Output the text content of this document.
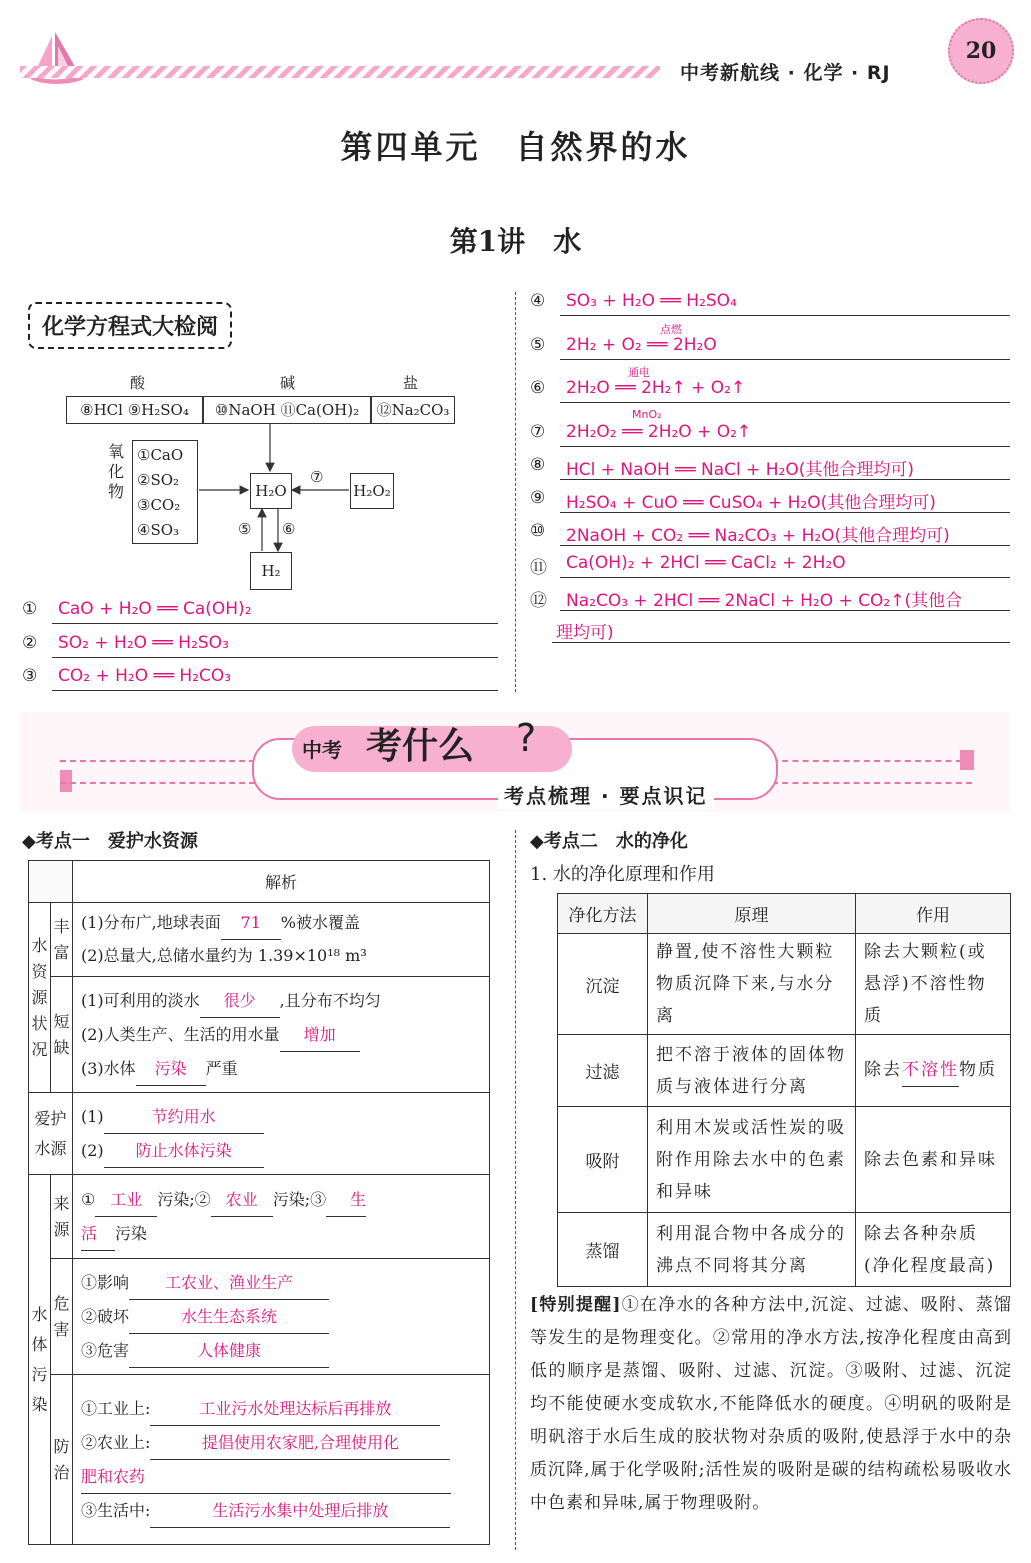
中考新航线 · 化学 · RJ
20
第四单元　自然界的水
第1讲　水
化学方程式大检阅
酸	碱	盐
⑧HCl ⑨H₂SO₄	⑩NaOH ⑪Ca(OH)₂	⑫Na₂CO₃
氧化物
①CaO
②SO₂
③CO₂
④SO₃
H₂O	H₂O₂
H₂
⑦
⑤ ⑥
① CaO + H₂O ══ Ca(OH)₂
② SO₂ + H₂O ══ H₂SO₃
③ CO₂ + H₂O ══ H₂CO₃
④ SO₃ + H₂O ══ H₂SO₄
⑤ 2H₂ + O₂ ══ 2H₂O
点燃
⑥ 2H₂O ══ 2H₂↑ + O₂↑
通电
⑦ 2H₂O₂ ══ 2H₂O + O₂↑
MnO₂
⑧ HCl + NaOH ══ NaCl + H₂O(其他合理均可)
⑨ H₂SO₄ + CuO ══ CuSO₄ + H₂O(其他合理均可)
⑩ 2NaOH + CO₂ ══ Na₂CO₃ + H₂O(其他合理均可)
⑪ Ca(OH)₂ + 2HCl ══ CaCl₂ + 2H₂O
⑫ Na₂CO₃ + 2HCl ══ 2NaCl + H₂O + CO₂↑(其他合
理均可)
中考 考什么 ?
考点梳理 · 要点识记
◆考点一　爱护水资源
		解析
水资源状况	丰富	(1)分布广,地球表面 71 %被水覆盖
(2)总量大,总储水量约为 1.39×10¹⁸ m³

	短缺	(1)可利用的淡水 很少 ,且分布不均匀
(2)人类生产、生活的用水量 增加
(3)水体 污染 严重

爱护水源		(1) 节约用水
(2) 防止水体污染

水体污染	来源	① 工业 污染;② 农业 污染;③ 生
活 污染

	危害	①影响 工农业、渔业生产
②破坏 水生生态系统
③危害 人体健康

	防治	①工业上: 工业污水处理达标后再排放
②农业上: 提倡使用农家肥,合理使用化
肥和农药
③生活中: 生活污水集中处理后排放
◆考点二　水的净化
1. 水的净化原理和作用
净化方法	原理	作用
沉淀	静置,使不溶性大颗粒物质沉降下来,与水分离	除去大颗粒(或悬浮)不溶性物质
过滤	把不溶于液体的固体物质与液体进行分离	除去不溶性物质
吸附	利用木炭或活性炭的吸附作用除去水中的色素和异味	除去色素和异味
蒸馏	利用混合物中各成分的沸点不同将其分离	除去各种杂质(净化程度最高)
[特别提醒]①在净水的各种方法中,沉淀、过滤、吸附、蒸馏等发生的是物理变化。②常用的净水方法,按净化程度由高到低的顺序是蒸馏、吸附、过滤、沉淀。③吸附、过滤、沉淀均不能使硬水变成软水,不能降低水的硬度。④明矾的吸附是明矾溶于水后生成的胶状物对杂质的吸附,使悬浮于水中的杂质沉降,属于化学吸附;活性炭的吸附是碳的结构疏松易吸收水中色素和异味,属于物理吸附。
